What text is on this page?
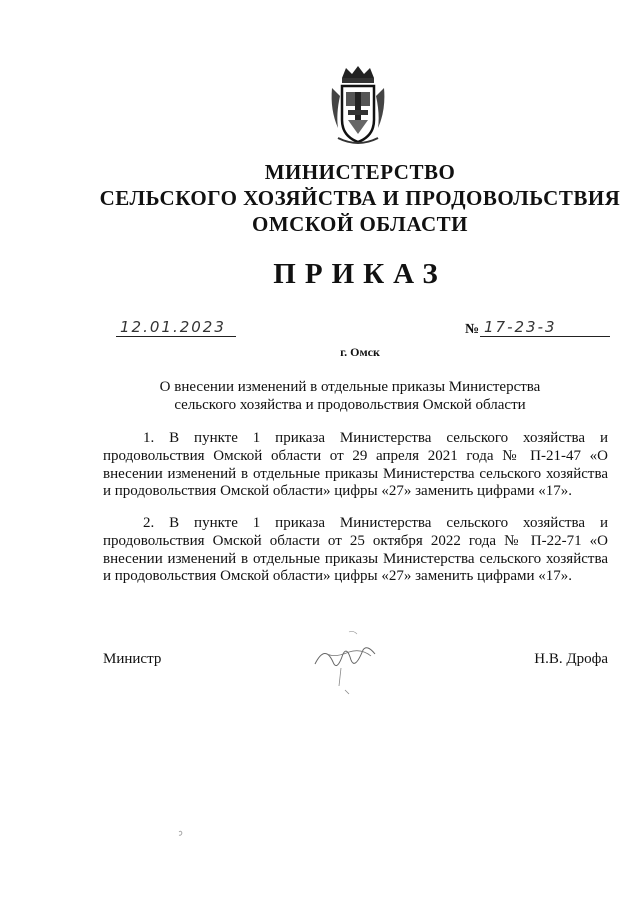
МИНИСТЕРСТВО
СЕЛЬСКОГО ХОЗЯЙСТВА И ПРОДОВОЛЬСТВИЯ
ОМСКОЙ ОБЛАСТИ
ПРИКАЗ
12.01.2023	№ 17-23-3
г. Омск
О внесении изменений в отдельные приказы Министерства
сельского хозяйства и продовольствия Омской области
1. В пункте 1 приказа Министерства сельского хозяйства и продовольствия Омской области от 29 апреля 2021 года № П-21-47 «О внесении изменений в отдельные приказы Министерства сельского хозяйства и продовольствия Омской области» цифры «27» заменить цифрами «17».
2. В пункте 1 приказа Министерства сельского хозяйства и продовольствия Омской области от 25 октября 2022 года № П-22-71 «О внесении изменений в отдельные приказы Министерства сельского хозяйства и продовольствия Омской области» цифры «27» заменить цифрами «17».
Министр	Н.В. Дрофа
